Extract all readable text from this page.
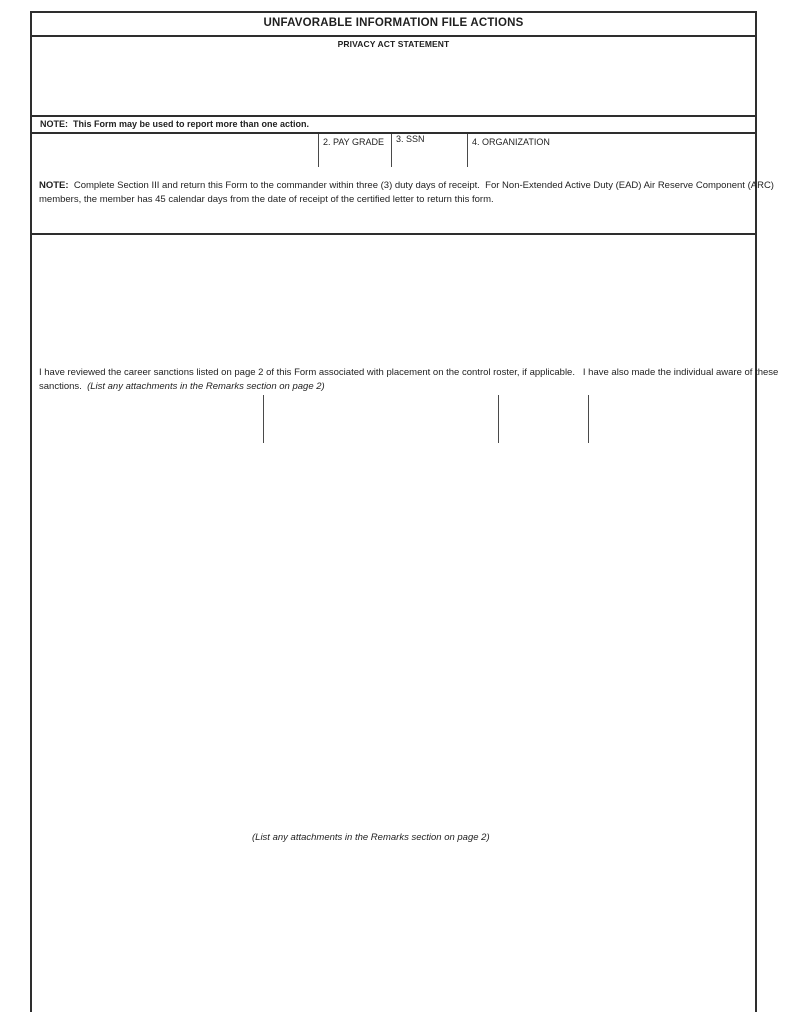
UNFAVORABLE INFORMATION FILE ACTIONS
PRIVACY ACT STATEMENT
NOTE:  This Form may be used to report more than one action.
2. PAY GRADE	3. SSN	4. ORGANIZATION
NOTE:  Complete Section III and return this Form to the commander within three (3) duty days of receipt.  For Non-Extended Active Duty (EAD) Air Reserve Component (ARC)
members, the member has 45 calendar days from the date of receipt of the certified letter to return this form.
I have reviewed the career sanctions listed on page 2 of this Form associated with placement on the control roster, if applicable.   I have also made the individual aware of these
sanctions.  (List any attachments in the Remarks section on page 2)
(List any attachments in the Remarks section on page 2)
